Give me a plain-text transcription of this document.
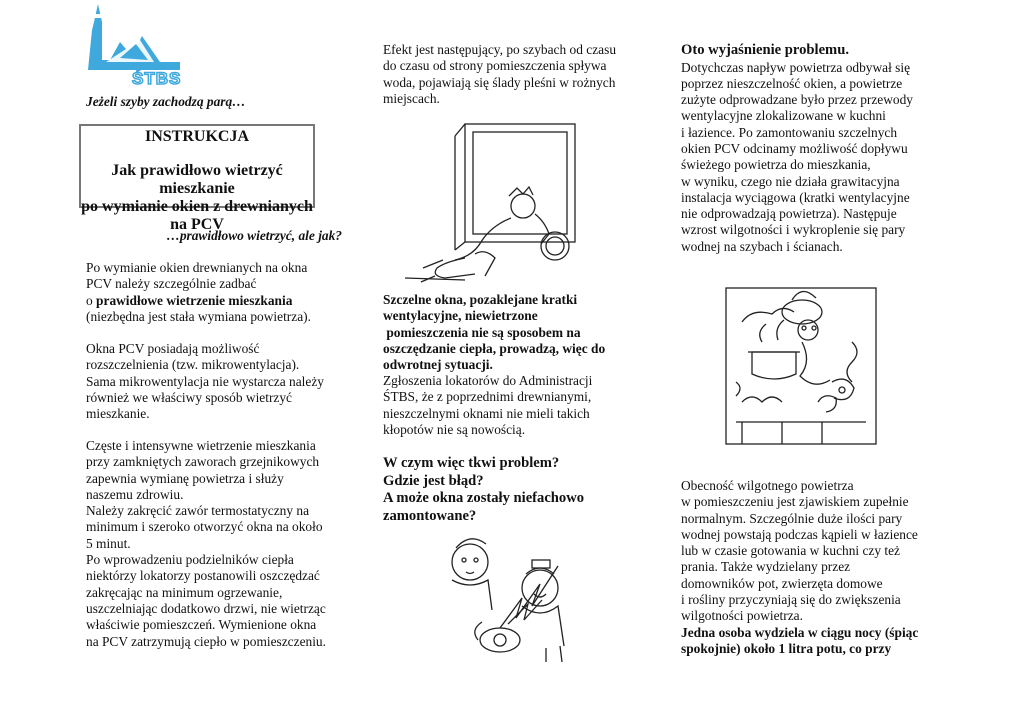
ŚTBS
Jeżeli szyby zachodzą parą…
INSTRUKCJA
Jak prawidłowo wietrzyć mieszkanie
po wymianie okien z drewnianych
na PCV
…prawidłowo wietrzyć, ale jak?

Po wymianie okien drewnianych na okna

PCV należy szczególnie zadbać

o prawidłowe wietrzenie mieszkania

(niezbędna jest stała wymiana powietrza).

Okna PCV posiadają możliwość

rozszczelnienia (tzw. mikrowentylacja).

Sama mikrowentylacja nie wystarcza należy

również we właściwy sposób wietrzyć

mieszkanie.

Częste i intensywne wietrzenie mieszkania

przy zamkniętych zaworach grzejnikowych

zapewnia wymianę powietrza i służy

naszemu zdrowiu.

Należy zakręcić zawór termostatyczny na

minimum i szeroko otworzyć okna na około

5 minut.

Po wprowadzeniu podzielników ciepła

niektórzy lokatorzy postanowili oszczędzać

zakręcając na minimum ogrzewanie,

uszczelniając dodatkowo drzwi, nie wietrząc

właściwie pomieszczeń. Wymienione okna

na PCV zatrzymują ciepło w pomieszczeniu.

Efekt jest następujący, po szybach od czasu

do czasu od strony pomieszczenia spływa

woda, pojawiają się ślady pleśni w rożnych

miejscach.

Szczelne okna, pozaklejane kratki

wentylacyjne, niewietrzone

pomieszczenia nie są sposobem na

oszczędzanie ciepła, prowadzą, więc do

odwrotnej sytuacji.

Zgłoszenia lokatorów do Administracji

ŚTBS, że z poprzednimi drewnianymi,

nieszczelnymi oknami nie mieli takich

kłopotów nie są nowością.

W czym więc tkwi problem?

Gdzie jest błąd?

A może okna zostały niefachowo

zamontowane?

Oto wyjaśnienie problemu.

Dotychczas napływ powietrza odbywał się

poprzez nieszczelność okien, a powietrze

zużyte odprowadzane było przez przewody

wentylacyjne zlokalizowane w kuchni

i łazience. Po zamontowaniu szczelnych

okien PCV odcinamy możliwość dopływu

świeżego powietrza do mieszkania,

w wyniku, czego nie działa grawitacyjna

instalacja wyciągowa (kratki wentylacyjne

nie odprowadzają powietrza). Następuje

wzrost wilgotności i wykroplenie się pary

wodnej na szybach i ścianach.

Obecność wilgotnego powietrza

w pomieszczeniu jest zjawiskiem zupełnie

normalnym. Szczególnie duże ilości pary

wodnej powstają podczas kąpieli w łazience

lub w czasie gotowania w kuchni czy też

prania. Także wydzielany przez

domowników pot, zwierzęta domowe

i rośliny przyczyniają się do zwiększenia

wilgotności powietrza.

Jedna osoba wydziela w ciągu nocy (śpiąc

spokojnie) około 1 litra potu, co przy
